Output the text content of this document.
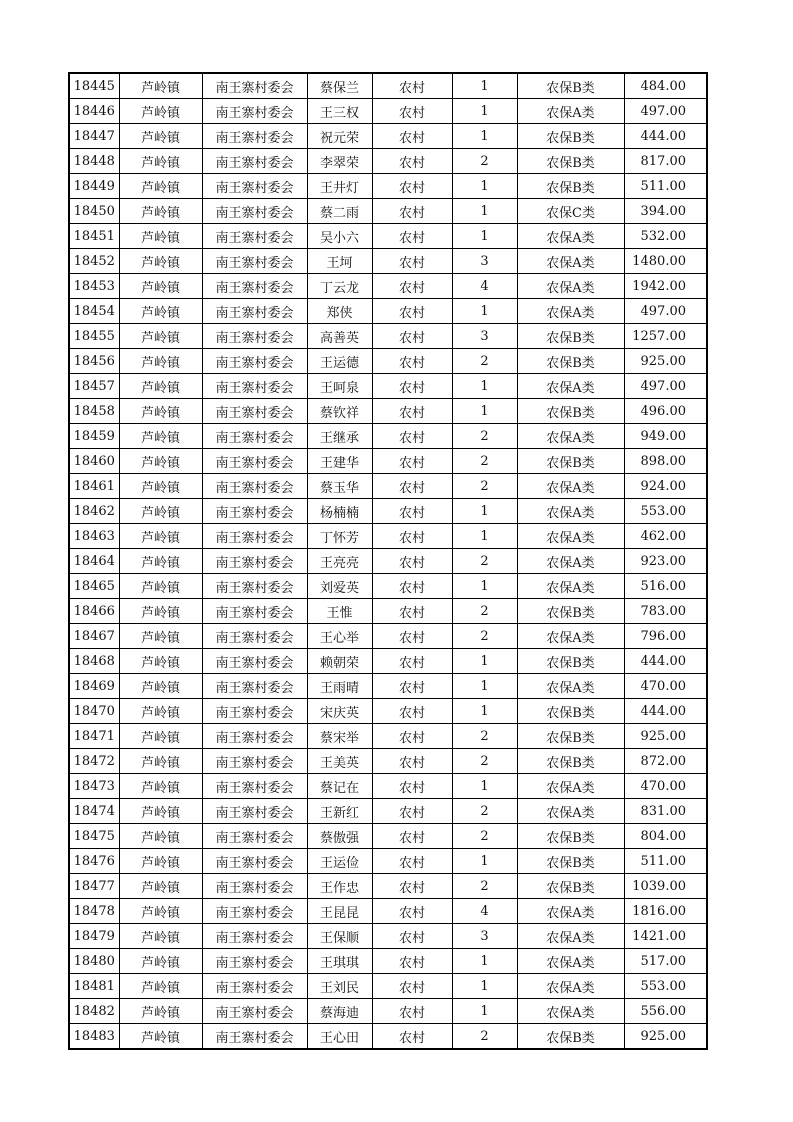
18445	芦岭镇	南王寨村委会	蔡保兰	农村	1	农保B类	484.00
18446	芦岭镇	南王寨村委会	王三权	农村	1	农保A类	497.00
18447	芦岭镇	南王寨村委会	祝元荣	农村	1	农保B类	444.00
18448	芦岭镇	南王寨村委会	李翠荣	农村	2	农保B类	817.00
18449	芦岭镇	南王寨村委会	王井灯	农村	1	农保B类	511.00
18450	芦岭镇	南王寨村委会	蔡二雨	农村	1	农保C类	394.00
18451	芦岭镇	南王寨村委会	吴小六	农村	1	农保A类	532.00
18452	芦岭镇	南王寨村委会	王坷	农村	3	农保A类	1480.00
18453	芦岭镇	南王寨村委会	丁云龙	农村	4	农保A类	1942.00
18454	芦岭镇	南王寨村委会	郑侠	农村	1	农保A类	497.00
18455	芦岭镇	南王寨村委会	高善英	农村	3	农保B类	1257.00
18456	芦岭镇	南王寨村委会	王运德	农村	2	农保B类	925.00
18457	芦岭镇	南王寨村委会	王呵泉	农村	1	农保A类	497.00
18458	芦岭镇	南王寨村委会	蔡钦祥	农村	1	农保B类	496.00
18459	芦岭镇	南王寨村委会	王继承	农村	2	农保A类	949.00
18460	芦岭镇	南王寨村委会	王建华	农村	2	农保B类	898.00
18461	芦岭镇	南王寨村委会	蔡玉华	农村	2	农保A类	924.00
18462	芦岭镇	南王寨村委会	杨楠楠	农村	1	农保A类	553.00
18463	芦岭镇	南王寨村委会	丁怀芳	农村	1	农保A类	462.00
18464	芦岭镇	南王寨村委会	王亮亮	农村	2	农保A类	923.00
18465	芦岭镇	南王寨村委会	刘爱英	农村	1	农保A类	516.00
18466	芦岭镇	南王寨村委会	王惟	农村	2	农保B类	783.00
18467	芦岭镇	南王寨村委会	王心举	农村	2	农保A类	796.00
18468	芦岭镇	南王寨村委会	赖朝荣	农村	1	农保B类	444.00
18469	芦岭镇	南王寨村委会	王雨晴	农村	1	农保A类	470.00
18470	芦岭镇	南王寨村委会	宋庆英	农村	1	农保B类	444.00
18471	芦岭镇	南王寨村委会	蔡宋举	农村	2	农保B类	925.00
18472	芦岭镇	南王寨村委会	王美英	农村	2	农保B类	872.00
18473	芦岭镇	南王寨村委会	蔡记在	农村	1	农保A类	470.00
18474	芦岭镇	南王寨村委会	王新红	农村	2	农保A类	831.00
18475	芦岭镇	南王寨村委会	蔡傲强	农村	2	农保B类	804.00
18476	芦岭镇	南王寨村委会	王运俭	农村	1	农保B类	511.00
18477	芦岭镇	南王寨村委会	王作忠	农村	2	农保B类	1039.00
18478	芦岭镇	南王寨村委会	王昆昆	农村	4	农保A类	1816.00
18479	芦岭镇	南王寨村委会	王保顺	农村	3	农保A类	1421.00
18480	芦岭镇	南王寨村委会	王琪琪	农村	1	农保A类	517.00
18481	芦岭镇	南王寨村委会	王刘民	农村	1	农保A类	553.00
18482	芦岭镇	南王寨村委会	蔡海迪	农村	1	农保A类	556.00
18483	芦岭镇	南王寨村委会	王心田	农村	2	农保B类	925.00
